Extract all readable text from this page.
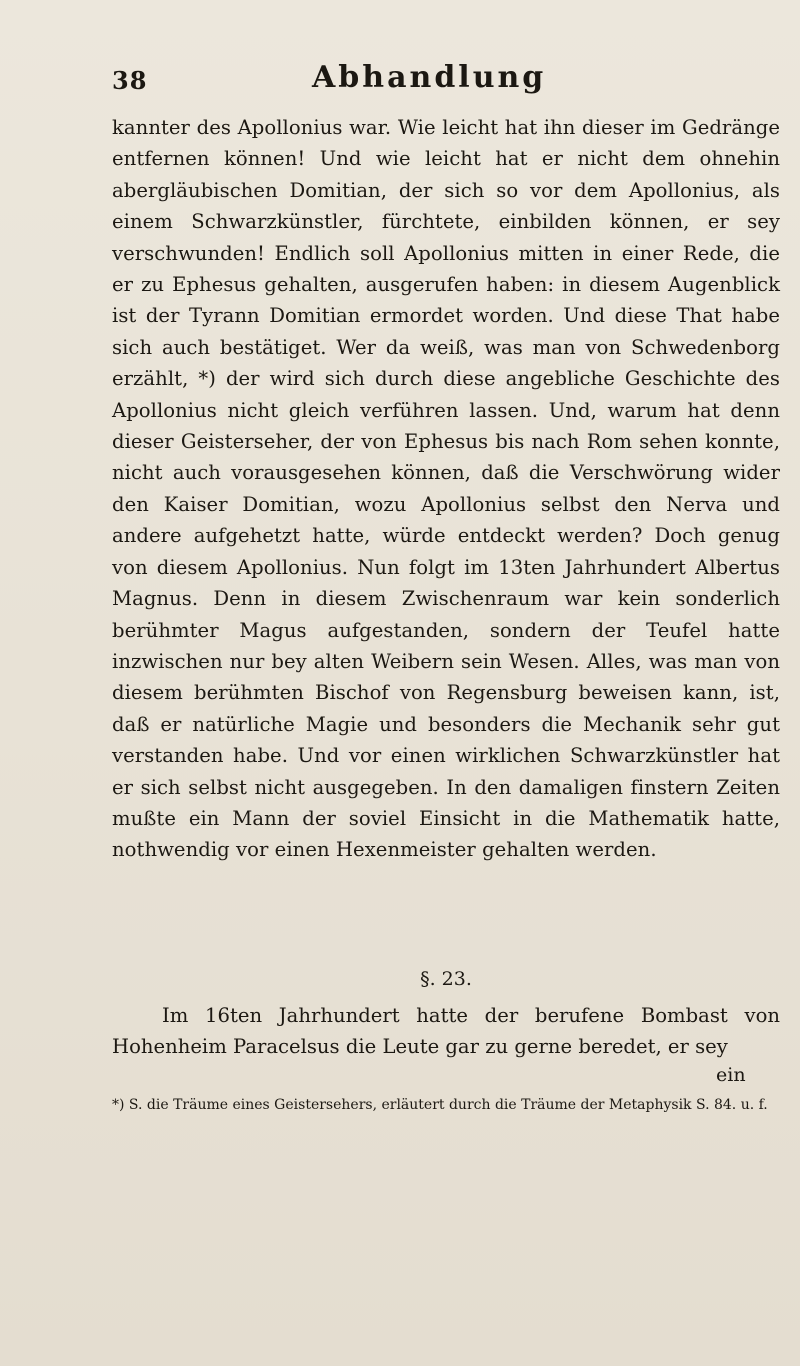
38	Abhandlung

kannter des Apollonius war. Wie leicht hat ihn dieser im Gedränge entfernen können! Und wie leicht hat er nicht dem ohnehin abergläubischen Domitian, der sich so vor dem Apollonius, als einem Schwarzkünstler, fürchtete, einbilden können, er sey verschwunden! Endlich soll Apollonius mitten in einer Rede, die er zu Ephesus gehalten, ausgerufen haben: in diesem Augenblick ist der Tyrann Domitian ermordet worden. Und diese That habe sich auch bestätiget. Wer da weiß, was man von Schwedenborg erzählt, *) der wird sich durch diese angebliche Geschichte des Apollonius nicht gleich verführen lassen. Und, warum hat denn dieser Geisterseher, der von Ephesus bis nach Rom sehen konnte, nicht auch vorausgesehen können, daß die Verschwörung wider den Kaiser Domitian, wozu Apollonius selbst den Nerva und andere aufgehetzt hatte, würde entdeckt werden? Doch genug von diesem Apollonius. Nun folgt im 13ten Jahrhundert Albertus Magnus. Denn in diesem Zwischenraum war kein sonderlich berühmter Magus aufgestanden, sondern der Teufel hatte inzwischen nur bey alten Weibern sein Wesen. Alles, was man von diesem berühmten Bischof von Regensburg beweisen kann, ist, daß er natürliche Magie und besonders die Mechanik sehr gut verstanden habe. Und vor einen wirklichen Schwarzkünstler hat er sich selbst nicht ausgegeben. In den damaligen finstern Zeiten mußte ein Mann der soviel Einsicht in die Mathematik hatte, nothwendig vor einen Hexenmeister gehalten werden.

§. 23.

Im 16ten Jahrhundert hatte der berufene Bombast von Hohenheim Paracelsus die Leute gar zu gerne beredet, er sey

ein

*) S. die Träume eines Geistersehers, erläutert durch die Träume der Metaphysik S. 84. u. f.
